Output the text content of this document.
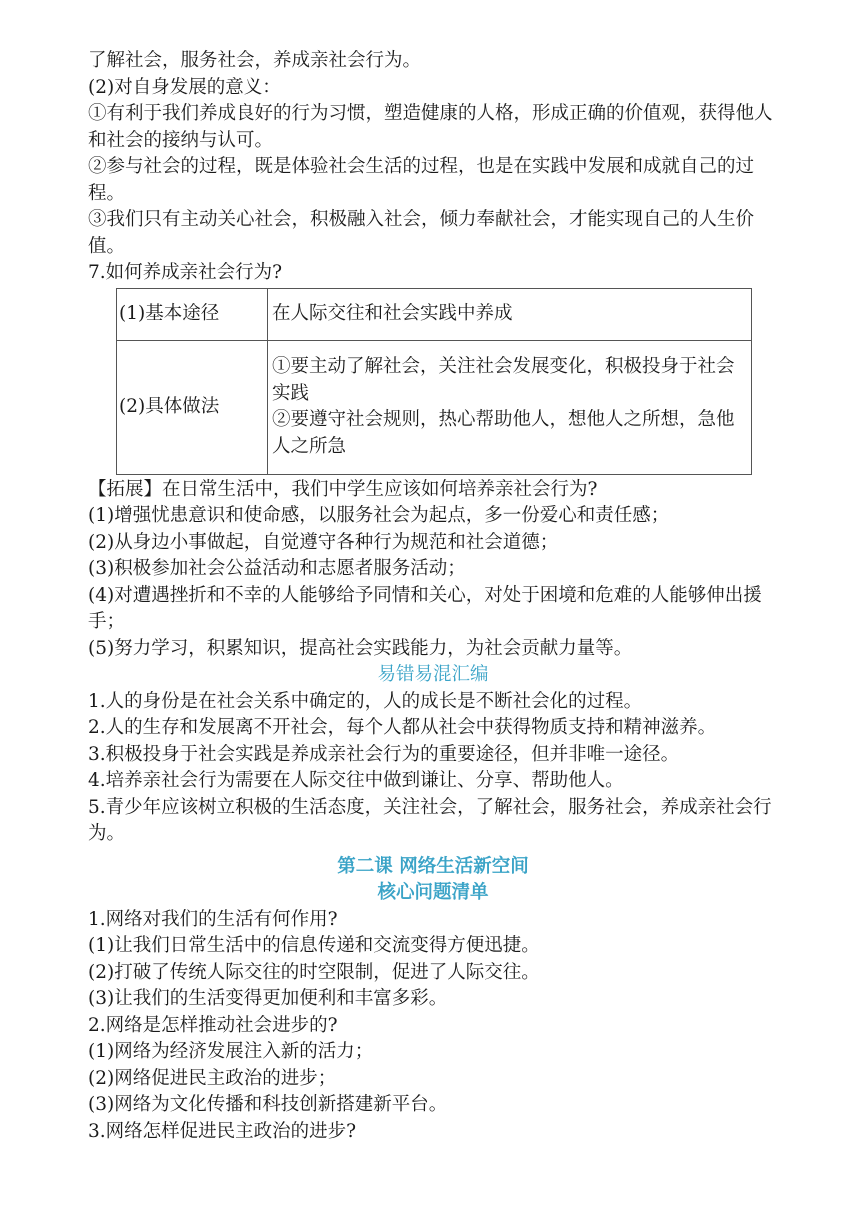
了解社会，服务社会，养成亲社会行为。

(2)对自身发展的意义：

①有利于我们养成良好的行为习惯，塑造健康的人格，形成正确的价值观，获得他人和社会的接纳与认可。

②参与社会的过程，既是体验社会生活的过程，也是在实践中发展和成就自己的过程。

③我们只有主动关心社会，积极融入社会，倾力奉献社会，才能实现自己的人生价值。

7.如何养成亲社会行为?

(1)基本途径	在人际交往和社会实践中养成
(2)具体做法	①要主动了解社会，关注社会发展变化，积极投身于社会实践
②要遵守社会规则，热心帮助他人，想他人之所想，急他人之所急

【拓展】在日常生活中，我们中学生应该如何培养亲社会行为?

(1)增强忧患意识和使命感，以服务社会为起点，多一份爱心和责任感；

(2)从身边小事做起，自觉遵守各种行为规范和社会道德；

(3)积极参加社会公益活动和志愿者服务活动；

(4)对遭遇挫折和不幸的人能够给予同情和关心，对处于困境和危难的人能够伸出援手；

(5)努力学习，积累知识，提高社会实践能力，为社会贡献力量等。

易错易混汇编

1.人的身份是在社会关系中确定的，人的成长是不断社会化的过程。

2.人的生存和发展离不开社会，每个人都从社会中获得物质支持和精神滋养。

3.积极投身于社会实践是养成亲社会行为的重要途径，但并非唯一途径。

4.培养亲社会行为需要在人际交往中做到谦让、分享、帮助他人。

5.青少年应该树立积极的生活态度，关注社会，了解社会，服务社会，养成亲社会行为。

第二课 网络生活新空间

核心问题清单

1.网络对我们的生活有何作用?

(1)让我们日常生活中的信息传递和交流变得方便迅捷。

(2)打破了传统人际交往的时空限制，促进了人际交往。

(3)让我们的生活变得更加便利和丰富多彩。

2.网络是怎样推动社会进步的?

(1)网络为经济发展注入新的活力；

(2)网络促进民主政治的进步；

(3)网络为文化传播和科技创新搭建新平台。

3.网络怎样促进民主政治的进步?
